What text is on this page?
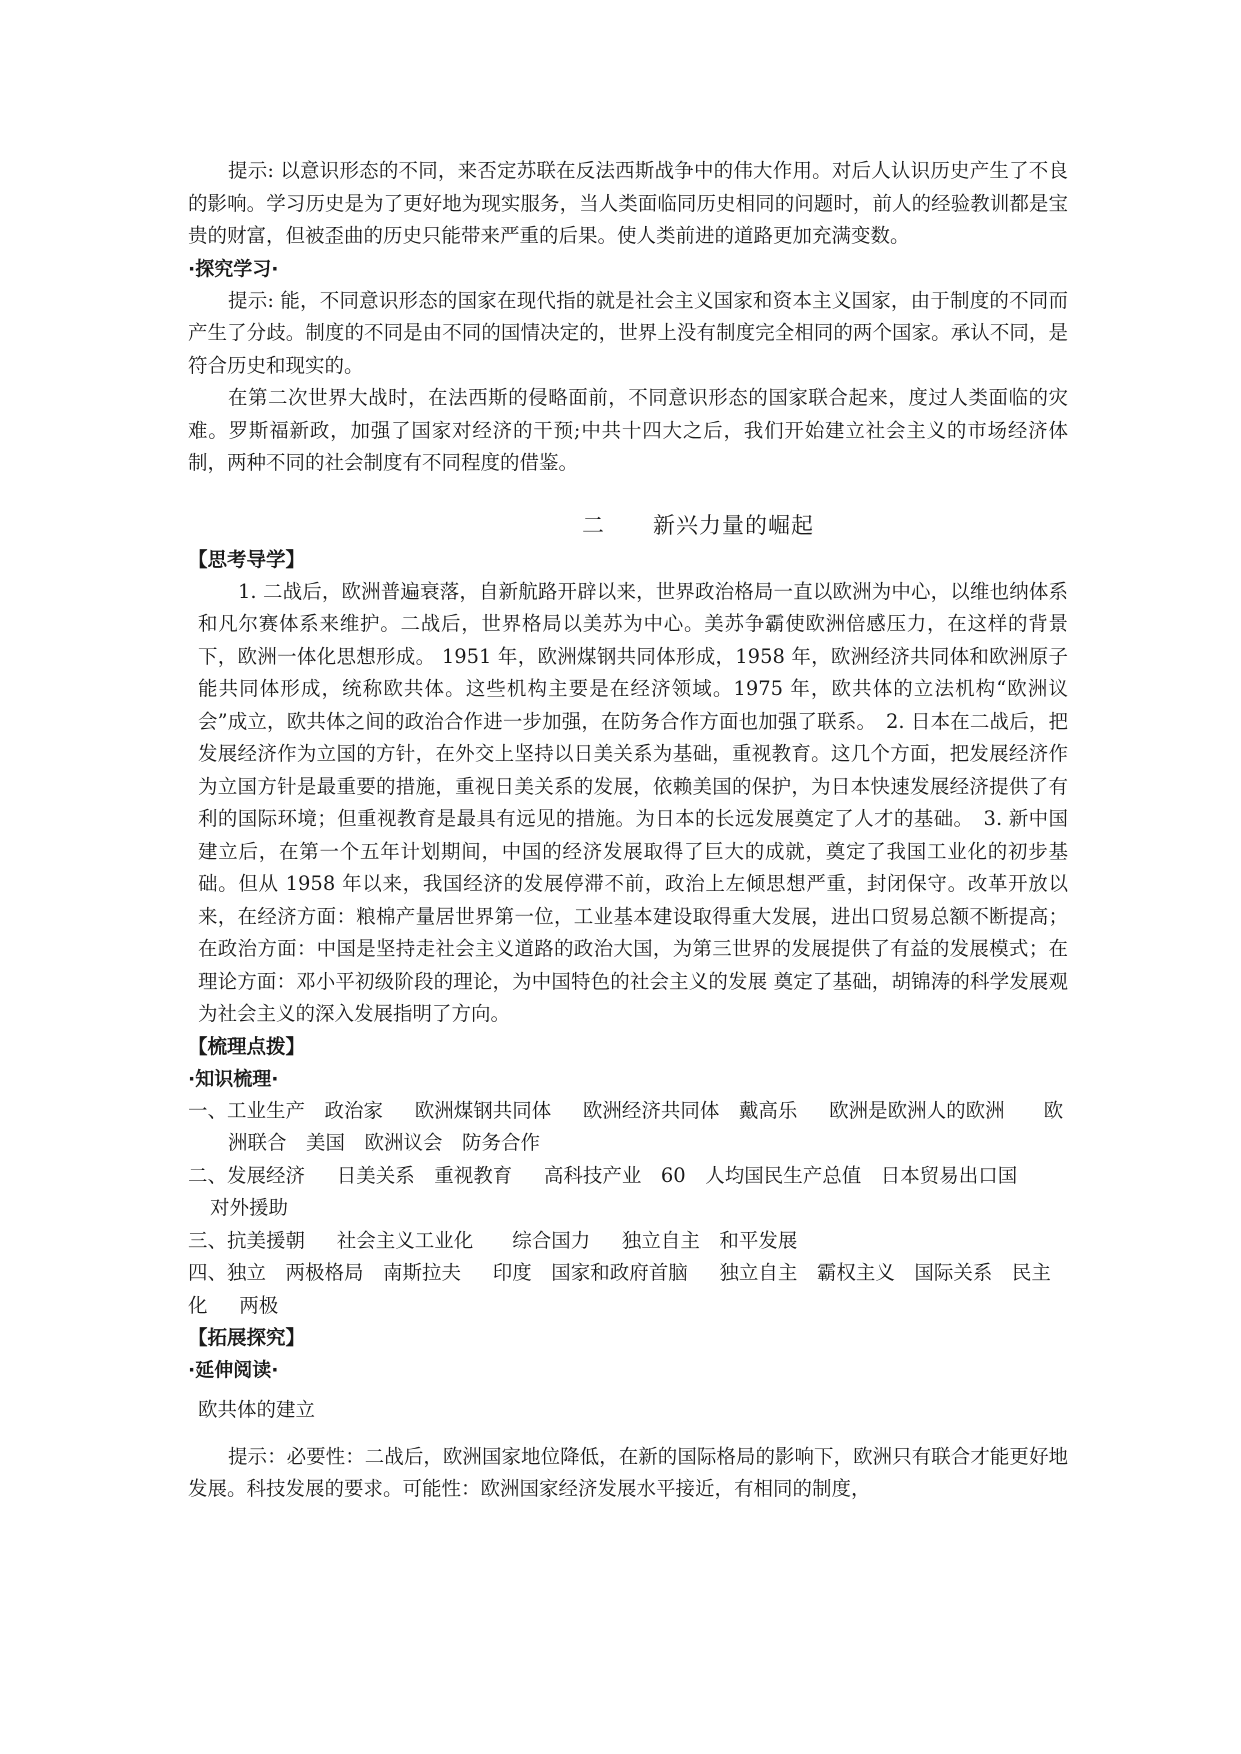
提示: 以意识形态的不同，来否定苏联在反法西斯战争中的伟大作用。对后人认识历史产生了不良的影响。学习历史是为了更好地为现实服务，当人类面临同历史相同的问题时，前人的经验教训都是宝贵的财富，但被歪曲的历史只能带来严重的后果。使人类前进的道路更加充满变数。

·探究学习·

提示: 能，不同意识形态的国家在现代指的就是社会主义国家和资本主义国家，由于制度的不同而产生了分歧。制度的不同是由不同的国情决定的，世界上没有制度完全相同的两个国家。承认不同，是符合历史和现实的。

在第二次世界大战时，在法西斯的侵略面前，不同意识形态的国家联合起来，度过人类面临的灾难。罗斯福新政，加强了国家对经济的干预;中共十四大之后，我们开始建立社会主义的市场经济体制，两种不同的社会制度有不同程度的借鉴。

二 新兴力量的崛起

【思考导学】

1. 二战后，欧洲普遍衰落，自新航路开辟以来，世界政治格局一直以欧洲为中心，以维也纳体系和凡尔赛体系来维护。二战后，世界格局以美苏为中心。美苏争霸使欧洲倍感压力，在这样的背景下，欧洲一体化思想形成。 1951 年，欧洲煤钢共同体形成，1958 年，欧洲经济共同体和欧洲原子能共同体形成，统称欧共体。这些机构主要是在经济领域。1975 年，欧共体的立法机构“欧洲议会”成立，欧共体之间的政治合作进一步加强，在防务合作方面也加强了联系。　2. 日本在二战后，把发展经济作为立国的方针，在外交上坚持以日美关系为基础，重视教育。这几个方面，把发展经济作为立国方针是最重要的措施，重视日美关系的发展，依赖美国的保护，为日本快速发展经济提供了有利的国际环境；但重视教育是最具有远见的措施。为日本的长远发展奠定了人才的基础。　3. 新中国建立后，在第一个五年计划期间，中国的经济发展取得了巨大的成就，奠定了我国工业化的初步基础。但从 1958 年以来，我国经济的发展停滞不前，政治上左倾思想严重，封闭保守。改革开放以来，在经济方面：粮棉产量居世界第一位，工业基本建设取得重大发展，进出口贸易总额不断提高；在政治方面：中国是坚持走社会主义道路的政治大国，为第三世界的发展提供了有益的发展模式；在理论方面：邓小平初级阶段的理论，为中国特色的社会主义的发展 奠定了基础，胡锦涛的科学发展观为社会主义的深入发展指明了方向。

【梳理点拨】

·知识梳理·

一、工业生产　政治家　 欧洲煤钢共同体　 欧洲经济共同体　戴高乐　 欧洲是欧洲人的欧洲　　欧洲联合　美国　欧洲议会　防务合作

二、发展经济　 日美关系　重视教育　 高科技产业　60　人均国民生产总值　日本贸易出口国　　 对外援助

三、抗美援朝　 社会主义工业化　　综合国力　 独立自主　和平发展

四、独立　两极格局　南斯拉夫　 印度　国家和政府首脑　 独立自主　霸权主义　国际关系　民主化　 两极

【拓展探究】

·延伸阅读·

欧共体的建立

提示：必要性：二战后，欧洲国家地位降低，在新的国际格局的影响下，欧洲只有联合才能更好地发展。科技发展的要求。可能性：欧洲国家经济发展水平接近，有相同的制度，
